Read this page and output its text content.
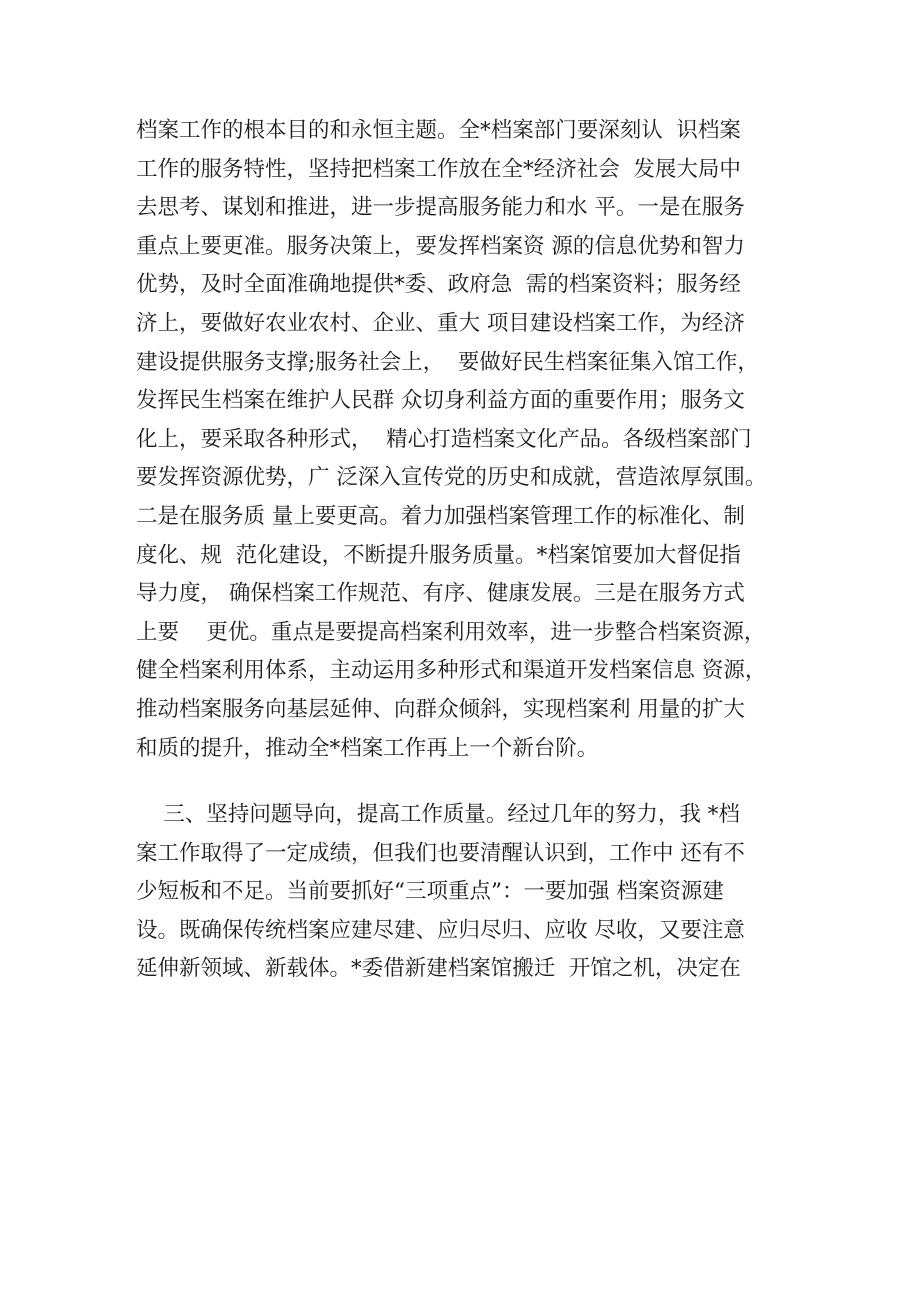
档案工作的根本目的和永恒主题。全*档案部门要深刻认  识档案
工作的服务特性，坚持把档案工作放在全*经济社会  发展大局中
去思考、谋划和推进，进一步提高服务能力和水 平。一是在服务
重点上要更准。服务决策上，要发挥档案资 源的信息优势和智力
优势，及时全面准确地提供*委、政府急  需的档案资料；服务经
济上，要做好农业农村、企业、重大 项目建设档案工作，为经济
建设提供服务支撑;服务社会上，  要做好民生档案征集入馆工作，
发挥民生档案在维护人民群 众切身利益方面的重要作用；服务文
化上，要采取各种形式，  精心打造档案文化产品。各级档案部门
要发挥资源优势，广 泛深入宣传党的历史和成就，营造浓厚氛围。
二是在服务质 量上要更高。着力加强档案管理工作的标准化、制
度化、规  范化建设，不断提升服务质量。*档案馆要加大督促指
导力度， 确保档案工作规范、有序、健康发展。三是在服务方式
上要    更优。重点是要提高档案利用效率，进一步整合档案资源，
健全档案利用体系，主动运用多种形式和渠道开发档案信息 资源，
推动档案服务向基层延伸、向群众倾斜，实现档案利 用量的扩大
和质的提升，推动全*档案工作再上一个新台阶。
三、坚持问题导向，提高工作质量。经过几年的努力，我 *档
案工作取得了一定成绩，但我们也要清醒认识到，工作中 还有不
少短板和不足。当前要抓好“三项重点”：一要加强 档案资源建
设。既确保传统档案应建尽建、应归尽归、应收 尽收，又要注意
延伸新领域、新载体。*委借新建档案馆搬迁  开馆之机，决定在
